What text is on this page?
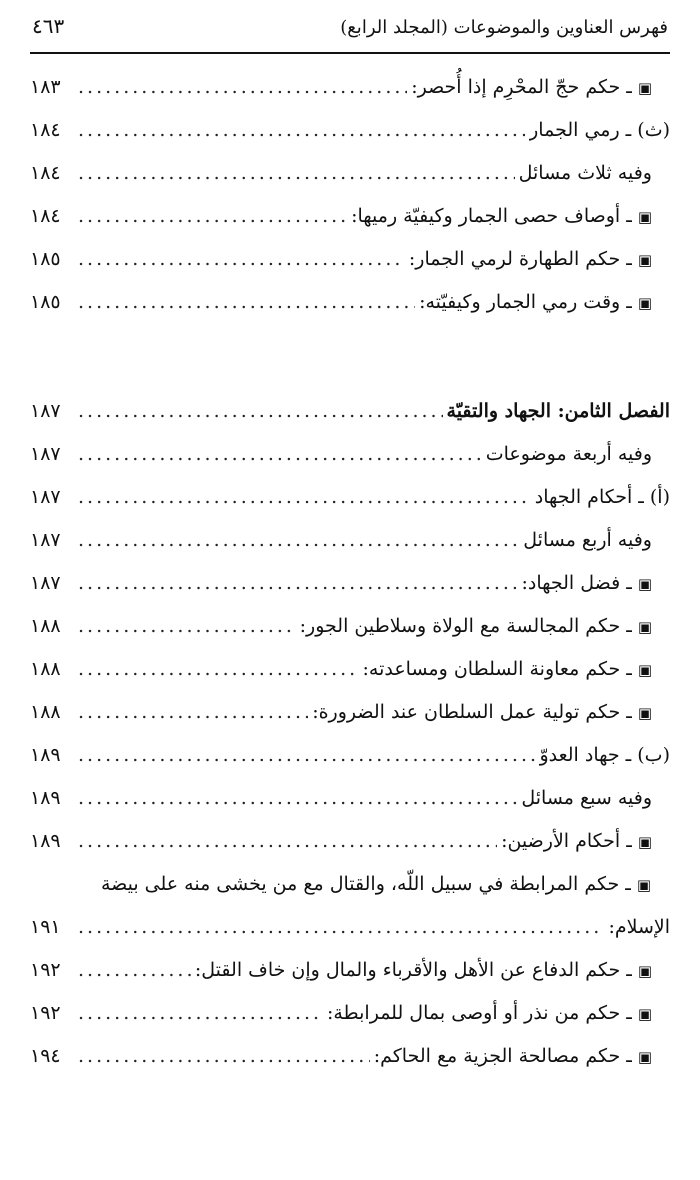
فهرس العناوين والموضوعات (المجلد الرابع)
٤٦٣
▣ـ حكم حجّ المحْرِم إذا أُحصر:
.....
١٨٣
(ث) ـ رمي الجمار
.....
١٨٤
وفيه ثلاث مسائل
.....
١٨٤
▣ـ أوصاف حصى الجمار وكيفيّة رميها:
.....
١٨٤
▣ـ حكم الطهارة لرمي الجمار:
.....
١٨٥
▣ـ وقت رمي الجمار وكيفيّته:
.....
١٨٥
الفصل الثامن: الجهاد والتقيّة
.....
١٨٧
وفيه أربعة موضوعات
.....
١٨٧
(أ) ـ أحكام الجهاد
.....
١٨٧
وفيه أربع مسائل
.....
١٨٧
▣ـ فضل الجهاد:
.....
١٨٧
▣ـ حكم المجالسة مع الولاة وسلاطين الجور:
.....
١٨٨
▣ـ حكم معاونة السلطان ومساعدته:
.....
١٨٨
▣ـ حكم تولية عمل السلطان عند الضرورة:
.....
١٨٨
(ب) ـ جهاد العدوّ
.....
١٨٩
وفيه سبع مسائل
.....
١٨٩
▣ـ أحكام الأرضين:
.....
١٨٩
▣ـ حكم المرابطة في سبيل اللّه، والقتال مع من يخشى منه على بيضة
الإسلام:
.....
١٩١
▣ـ حكم الدفاع عن الأهل والأقرباء والمال وإن خاف القتل:
.....
١٩٢
▣ـ حكم من نذر أو أوصى بمال للمرابطة:
.....
١٩٢
▣ـ حكم مصالحة الجزية مع الحاكم:
.....
١٩٤
